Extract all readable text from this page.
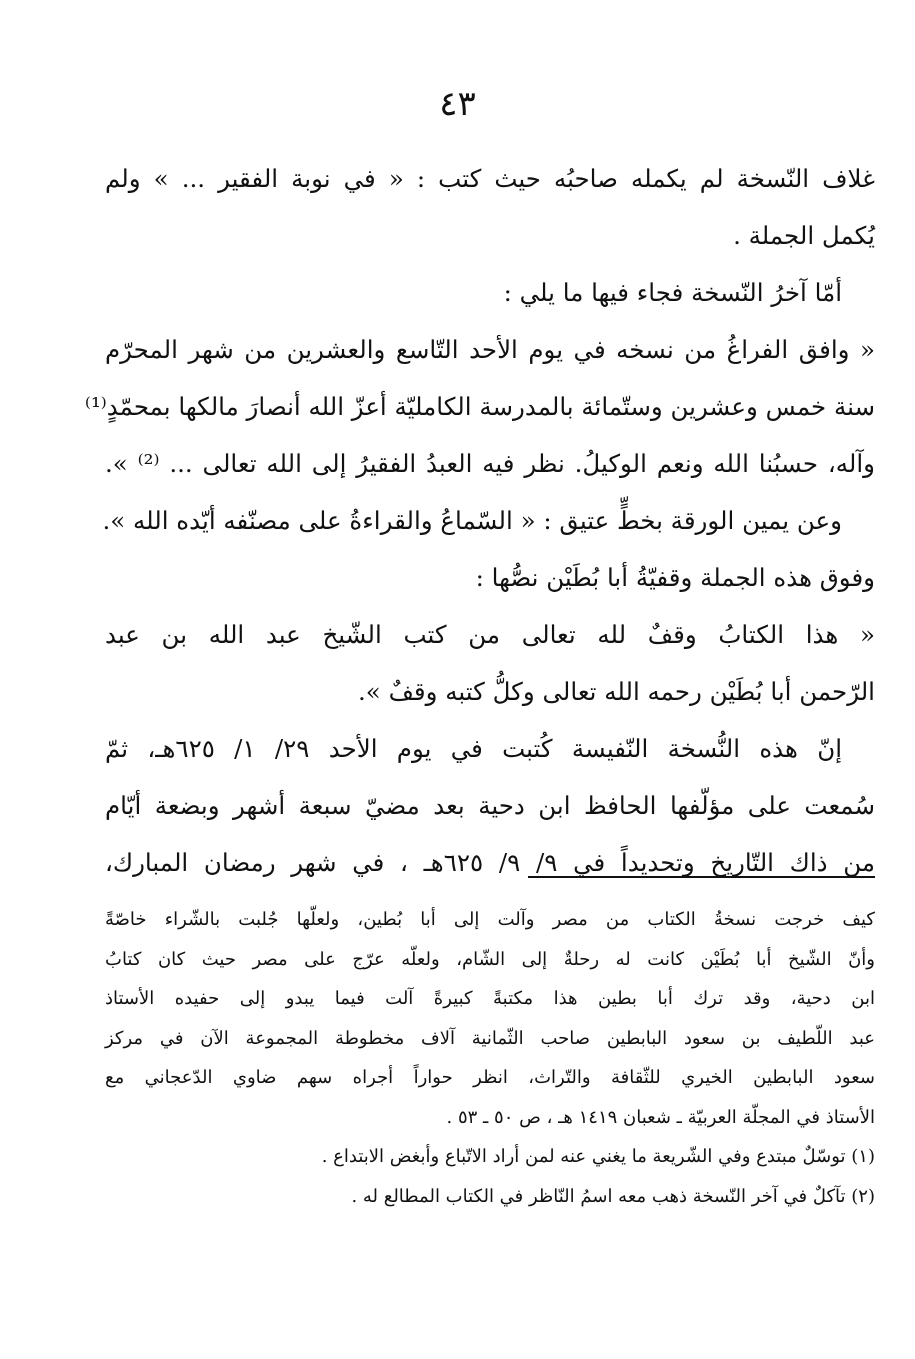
٤٣
غلاف النّسخة لم يكمله صاحبُه حيث كتب : « في نوبة الفقير ... » ولم
يُكمل الجملة .
أمّا آخرُ النّسخة فجاء فيها ما يلي :
« وافق الفراغُ من نسخه في يوم الأحد التّاسع والعشرين من شهر المحرّم
سنة خمس وعشرين وستّمائة بالمدرسة الكامليّة أعزّ الله أنصارَ مالكها بمحمّدٍ⁽¹⁾
وآله، حسبُنا الله ونعم الوكيلُ. نظر فيه العبدُ الفقيرُ إلى الله تعالى ... ⁽²⁾ ».
وعن يمين الورقة بخطٍّ عتيق : « السّماعُ والقراءةُ على مصنّفه أيّده الله ».
وفوق هذه الجملة وقفيّةُ أبا بُطَيْن نصُّها :
« هذا الكتابُ وقفٌ لله تعالى من كتب الشّيخ عبد الله بن عبد
الرّحمن أبا بُطَيْن رحمه الله تعالى وكلُّ كتبه وقفٌ ».
إنّ هذه النُّسخة النّفيسة كُتبت في يوم الأحد ٢٩/ ١/ ٦٢٥هـ، ثمّ
سُمعت على مؤلّفها الحافظ ابن دحية بعد مضيّ سبعة أشهر وبضعة أيّام
من ذاك التّاريخ وتحديداً في ٩/ ٩/ ٦٢٥هـ ، في شهر رمضان المبارك،
كيف خرجت نسخةُ الكتاب من مصر وآلت إلى أبا بُطين، ولعلّها جُلبت بالشّراء خاصّةً
وأنّ الشّيخ أبا بُطَيْن كانت له رحلةٌ إلى الشّام، ولعلّه عرّج على مصر حيث كان كتابُ
ابن دحية، وقد ترك أبا بطين هذا مكتبةً كبيرةً آلت فيما يبدو إلى حفيده الأستاذ
عبد اللّطيف بن سعود البابطين صاحب الثّمانية آلاف مخطوطة المجموعة الآن في مركز
سعود البابطين الخيري للثّقافة والتّراث، انظر حواراً أجراه سهم ضاوي الدّعجاني مع
الأستاذ في المجلّة العربيّة ـ شعبان ١٤١٩ هـ ، ص ٥٠ ـ ٥٣ .
(١) توسّلٌ مبتدع وفي الشّريعة ما يغني عنه لمن أراد الاتّباع وأبغض الابتداع .
(٢) تآكلٌ في آخر النّسخة ذهب معه اسمُ النّاظر في الكتاب المطالع له .
